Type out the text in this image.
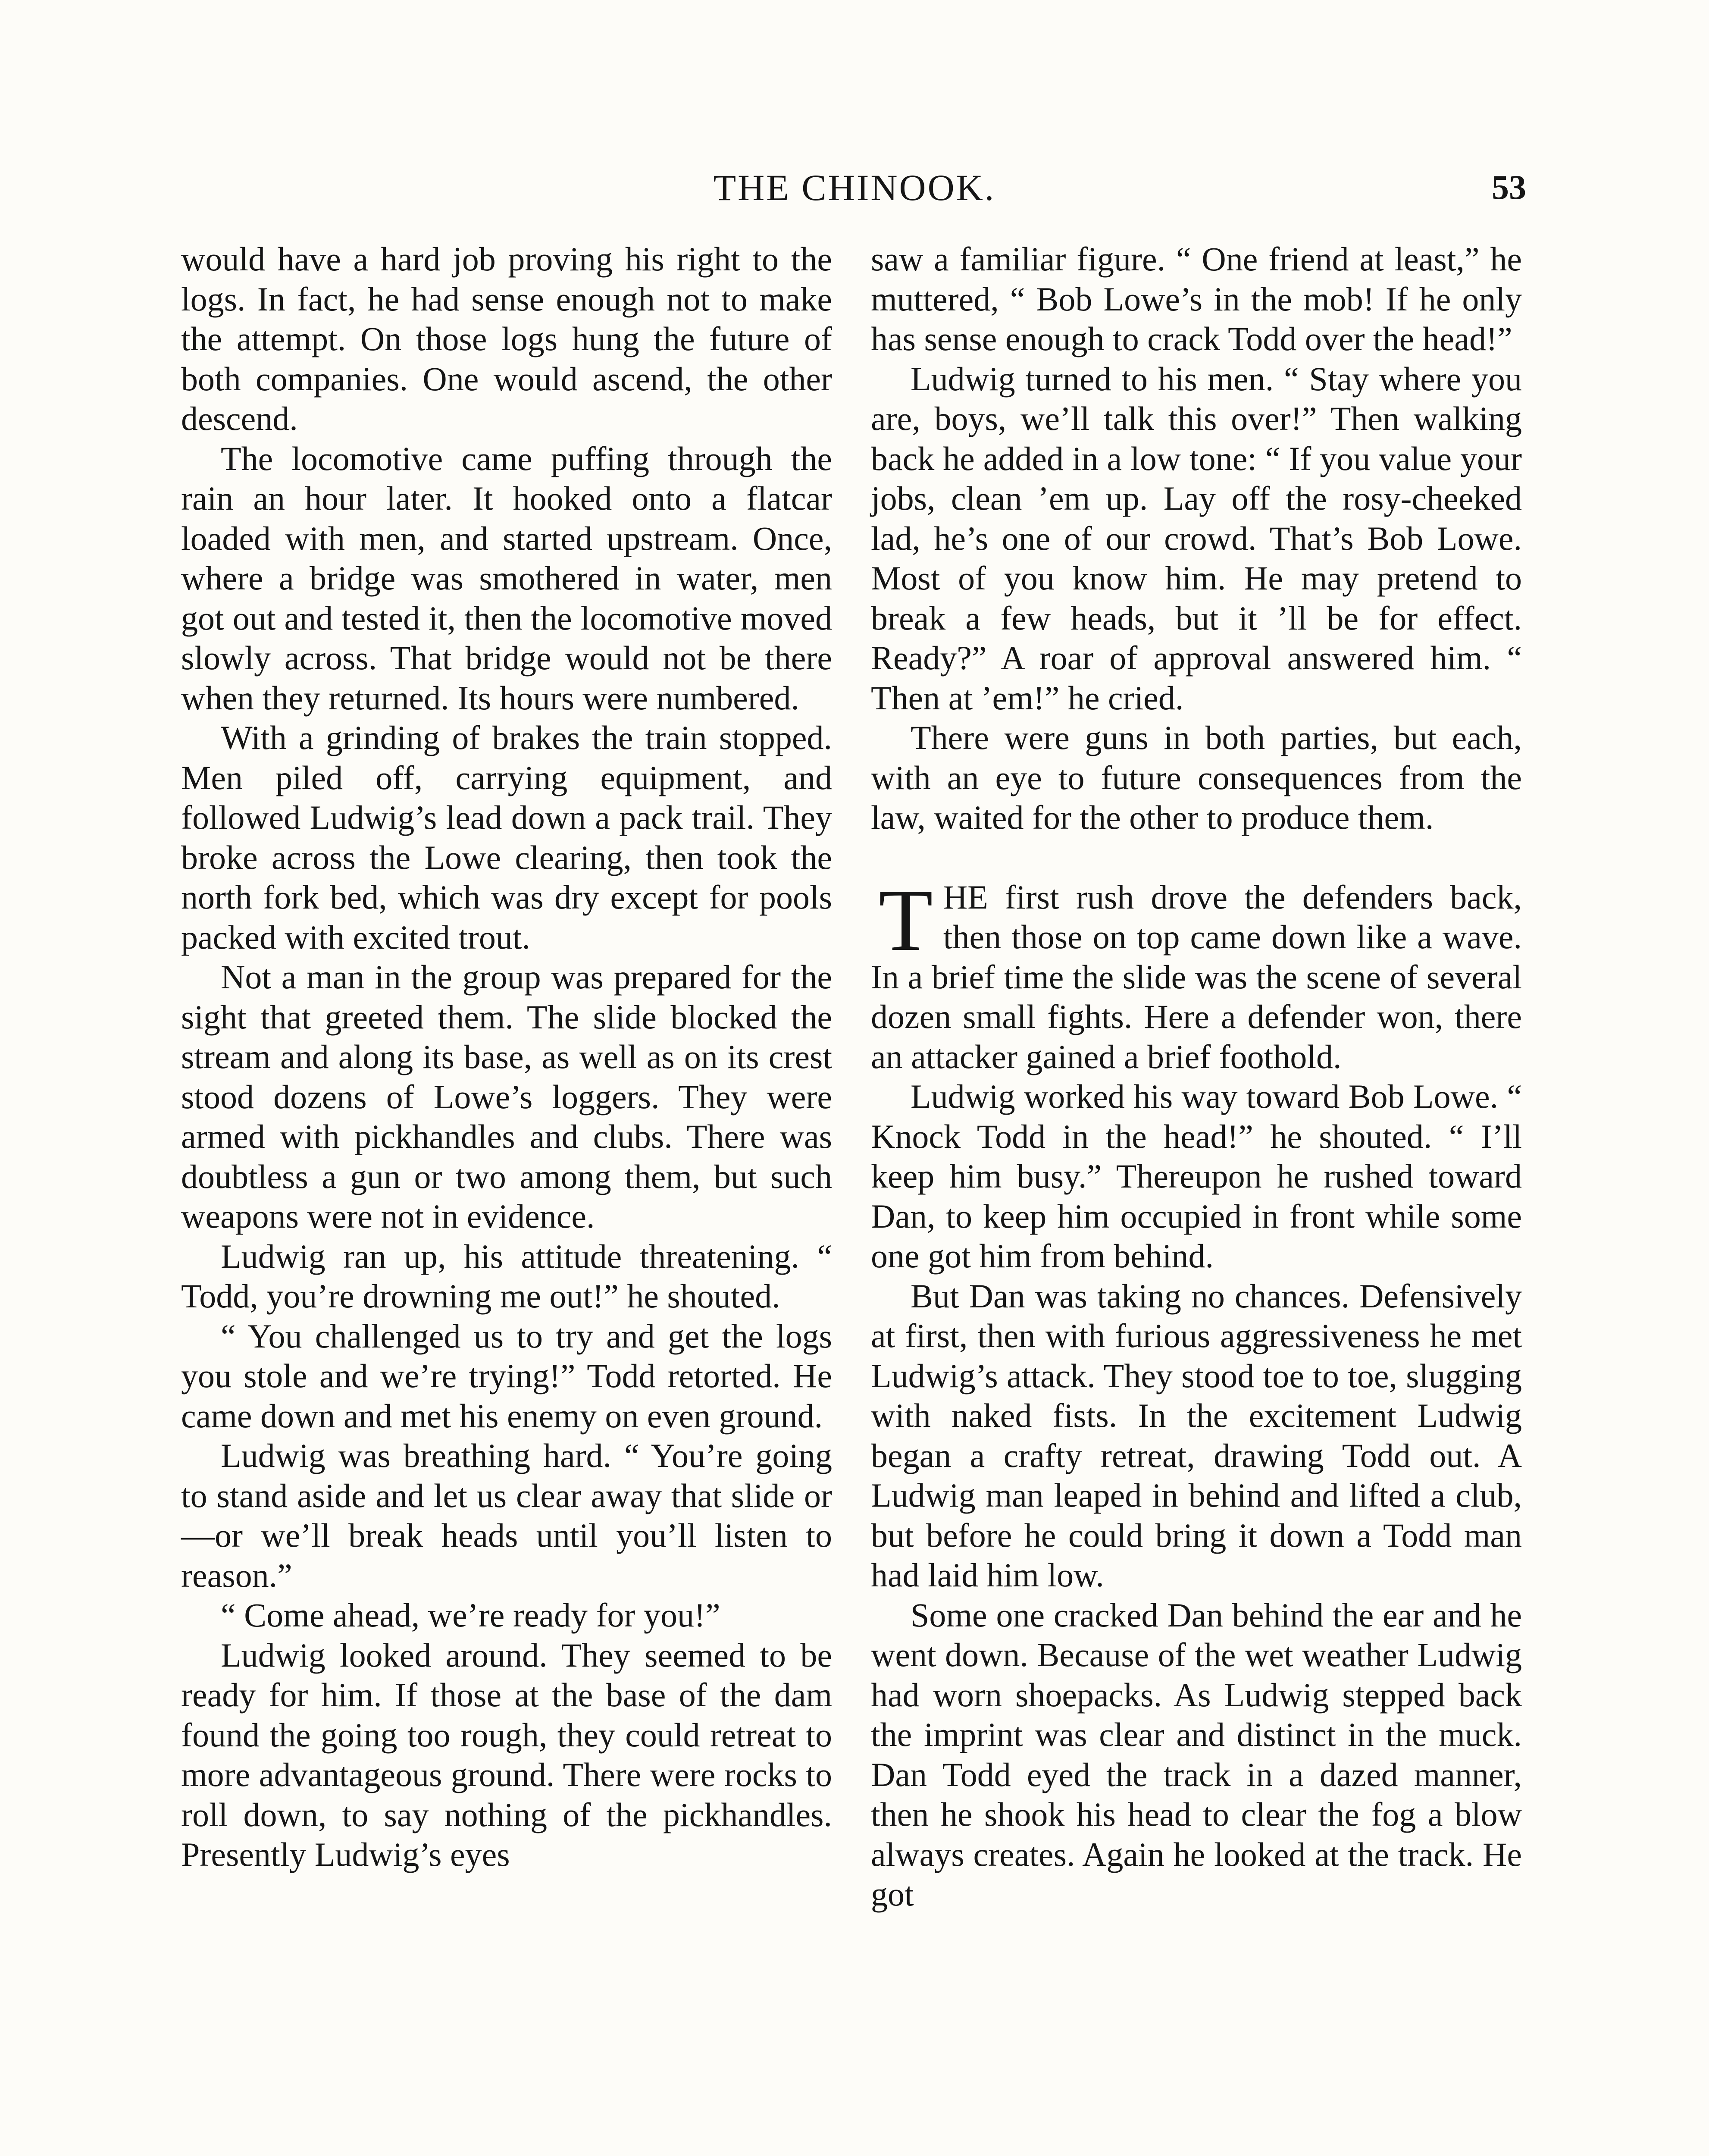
THE CHINOOK.	53

would have a hard job proving his right to the logs. In fact, he had sense enough not to make the attempt. On those logs hung the future of both companies. One would ascend, the other descend.

The locomotive came puffing through the rain an hour later. It hooked onto a flatcar loaded with men, and started upstream. Once, where a bridge was smothered in water, men got out and tested it, then the locomotive moved slowly across. That bridge would not be there when they returned. Its hours were numbered.

With a grinding of brakes the train stopped. Men piled off, carrying equipment, and followed Ludwig’s lead down a pack trail. They broke across the Lowe clearing, then took the north fork bed, which was dry except for pools packed with excited trout.

Not a man in the group was prepared for the sight that greeted them. The slide blocked the stream and along its base, as well as on its crest stood dozens of Lowe’s loggers. They were armed with pickhandles and clubs. There was doubtless a gun or two among them, but such weapons were not in evidence.

Ludwig ran up, his attitude threatening. “ Todd, you’re drowning me out!” he shouted.

“ You challenged us to try and get the logs you stole and we’re trying!” Todd retorted. He came down and met his enemy on even ground.

Ludwig was breathing hard. “ You’re going to stand aside and let us clear away that slide or—or we’ll break heads until you’ll listen to reason.”

“ Come ahead, we’re ready for you!”

Ludwig looked around. They seemed to be ready for him. If those at the base of the dam found the going too rough, they could retreat to more advantageous ground. There were rocks to roll down, to say nothing of the pickhandles. Presently Ludwig’s eyes

saw a familiar figure. “ One friend at least,” he muttered, “ Bob Lowe’s in the mob! If he only has sense enough to crack Todd over the head!”

Ludwig turned to his men. “ Stay where you are, boys, we’ll talk this over!” Then walking back he added in a low tone: “ If you value your jobs, clean ’em up. Lay off the rosy-cheeked lad, he’s one of our crowd. That’s Bob Lowe. Most of you know him. He may pretend to break a few heads, but it ’ll be for effect. Ready?” A roar of approval answered him. “ Then at ’em!” he cried.

There were guns in both parties, but each, with an eye to future consequences from the law, waited for the other to produce them.

THE first rush drove the defenders back, then those on top came down like a wave. In a brief time the slide was the scene of several dozen small fights. Here a defender won, there an attacker gained a brief foothold.

Ludwig worked his way toward Bob Lowe. “ Knock Todd in the head!” he shouted. “ I’ll keep him busy.” Thereupon he rushed toward Dan, to keep him occupied in front while some one got him from behind.

But Dan was taking no chances. Defensively at first, then with furious aggressiveness he met Ludwig’s attack. They stood toe to toe, slugging with naked fists. In the excitement Ludwig began a crafty retreat, drawing Todd out. A Ludwig man leaped in behind and lifted a club, but before he could bring it down a Todd man had laid him low.

Some one cracked Dan behind the ear and he went down. Because of the wet weather Ludwig had worn shoepacks. As Ludwig stepped back the imprint was clear and distinct in the muck. Dan Todd eyed the track in a dazed manner, then he shook his head to clear the fog a blow always creates. Again he looked at the track. He got
